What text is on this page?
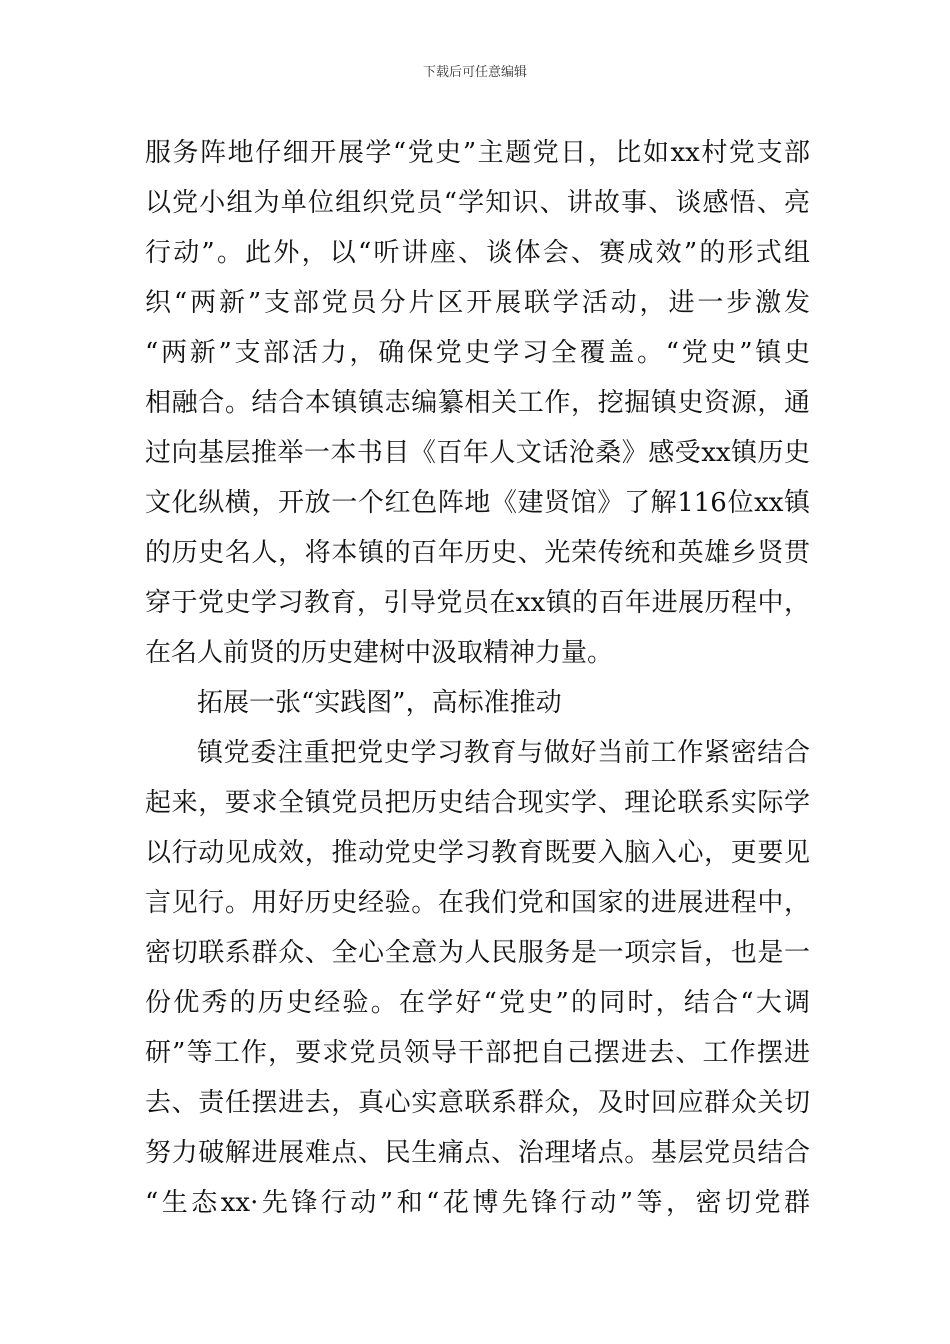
下载后可任意编辑
服务阵地仔细开展学“党史”主题党日，比如xx村党支部
以党小组为单位组织党员“学知识、讲故事、谈感悟、亮
行动”。此外，以“听讲座、谈体会、赛成效”的形式组
织“两新”支部党员分片区开展联学活动，进一步激发
“两新”支部活力，确保党史学习全覆盖。“党史”镇史
相融合。结合本镇镇志编纂相关工作，挖掘镇史资源，通
过向基层推举一本书目《百年人文话沧桑》感受xx镇历史
文化纵横，开放一个红色阵地《建贤馆》了解116位xx镇
的历史名人，将本镇的百年历史、光荣传统和英雄乡贤贯
穿于党史学习教育，引导党员在xx镇的百年进展历程中，
在名人前贤的历史建树中汲取精神力量。
拓展一张“实践图”，高标准推动
镇党委注重把党史学习教育与做好当前工作紧密结合
起来，要求全镇党员把历史结合现实学、理论联系实际学
以行动见成效，推动党史学习教育既要入脑入心，更要见
言见行。用好历史经验。在我们党和国家的进展进程中，
密切联系群众、全心全意为人民服务是一项宗旨，也是一
份优秀的历史经验。在学好“党史”的同时，结合“大调
研”等工作，要求党员领导干部把自己摆进去、工作摆进
去、责任摆进去，真心实意联系群众，及时回应群众关切
努力破解进展难点、民生痛点、治理堵点。基层党员结合
“生态xx·先锋行动”和“花博先锋行动”等，密切党群
